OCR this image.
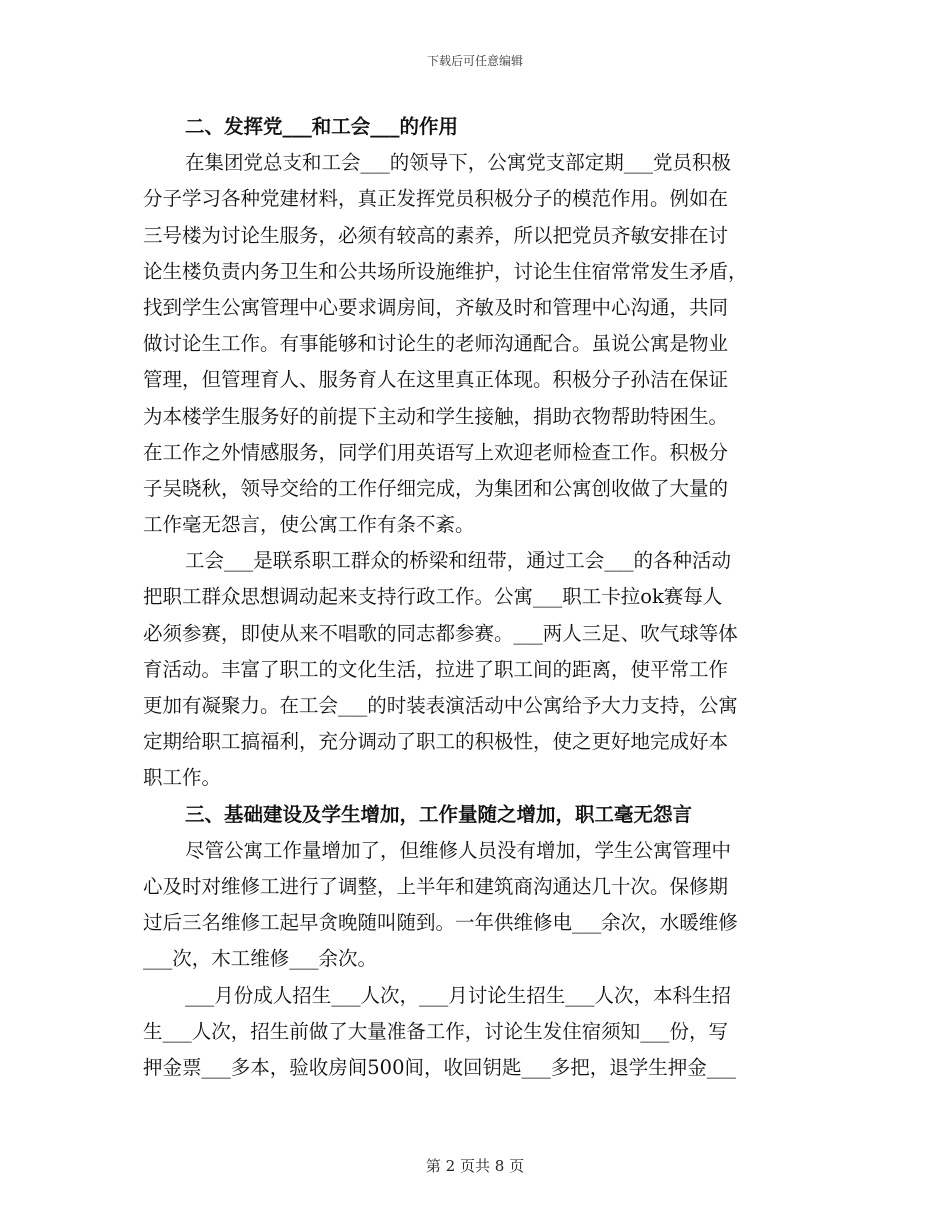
下载后可任意编辑
二、发挥党___和工会___的作用
在集团党总支和工会___的领导下，公寓党支部定期___党员积极
分子学习各种党建材料，真正发挥党员积极分子的模范作用。例如在
三号楼为讨论生服务，必须有较高的素养，所以把党员齐敏安排在讨
论生楼负责内务卫生和公共场所设施维护，讨论生住宿常常发生矛盾，
找到学生公寓管理中心要求调房间，齐敏及时和管理中心沟通，共同
做讨论生工作。有事能够和讨论生的老师沟通配合。虽说公寓是物业
管理，但管理育人、服务育人在这里真正体现。积极分子孙洁在保证
为本楼学生服务好的前提下主动和学生接触，捐助衣物帮助特困生。
在工作之外情感服务，同学们用英语写上欢迎老师检查工作。积极分
子吴晓秋，领导交给的工作仔细完成，为集团和公寓创收做了大量的
工作毫无怨言，使公寓工作有条不紊。
工会___是联系职工群众的桥梁和纽带，通过工会___的各种活动
把职工群众思想调动起来支持行政工作。公寓___职工卡拉ok赛每人
必须参赛，即使从来不唱歌的同志都参赛。___两人三足、吹气球等体
育活动。丰富了职工的文化生活，拉进了职工间的距离，使平常工作
更加有凝聚力。在工会___的时装表演活动中公寓给予大力支持，公寓
定期给职工搞福利，充分调动了职工的积极性，使之更好地完成好本
职工作。
三、基础建设及学生增加，工作量随之增加，职工毫无怨言
尽管公寓工作量增加了，但维修人员没有增加，学生公寓管理中
心及时对维修工进行了调整，上半年和建筑商沟通达几十次。保修期
过后三名维修工起早贪晚随叫随到。一年供维修电___余次，水暖维修
___次，木工维修___余次。
___月份成人招生___人次，___月讨论生招生___人次，本科生招
生___人次，招生前做了大量准备工作，讨论生发住宿须知___份，写
押金票___多本，验收房间500间，收回钥匙___多把，退学生押金___
第 2 页共 8 页
